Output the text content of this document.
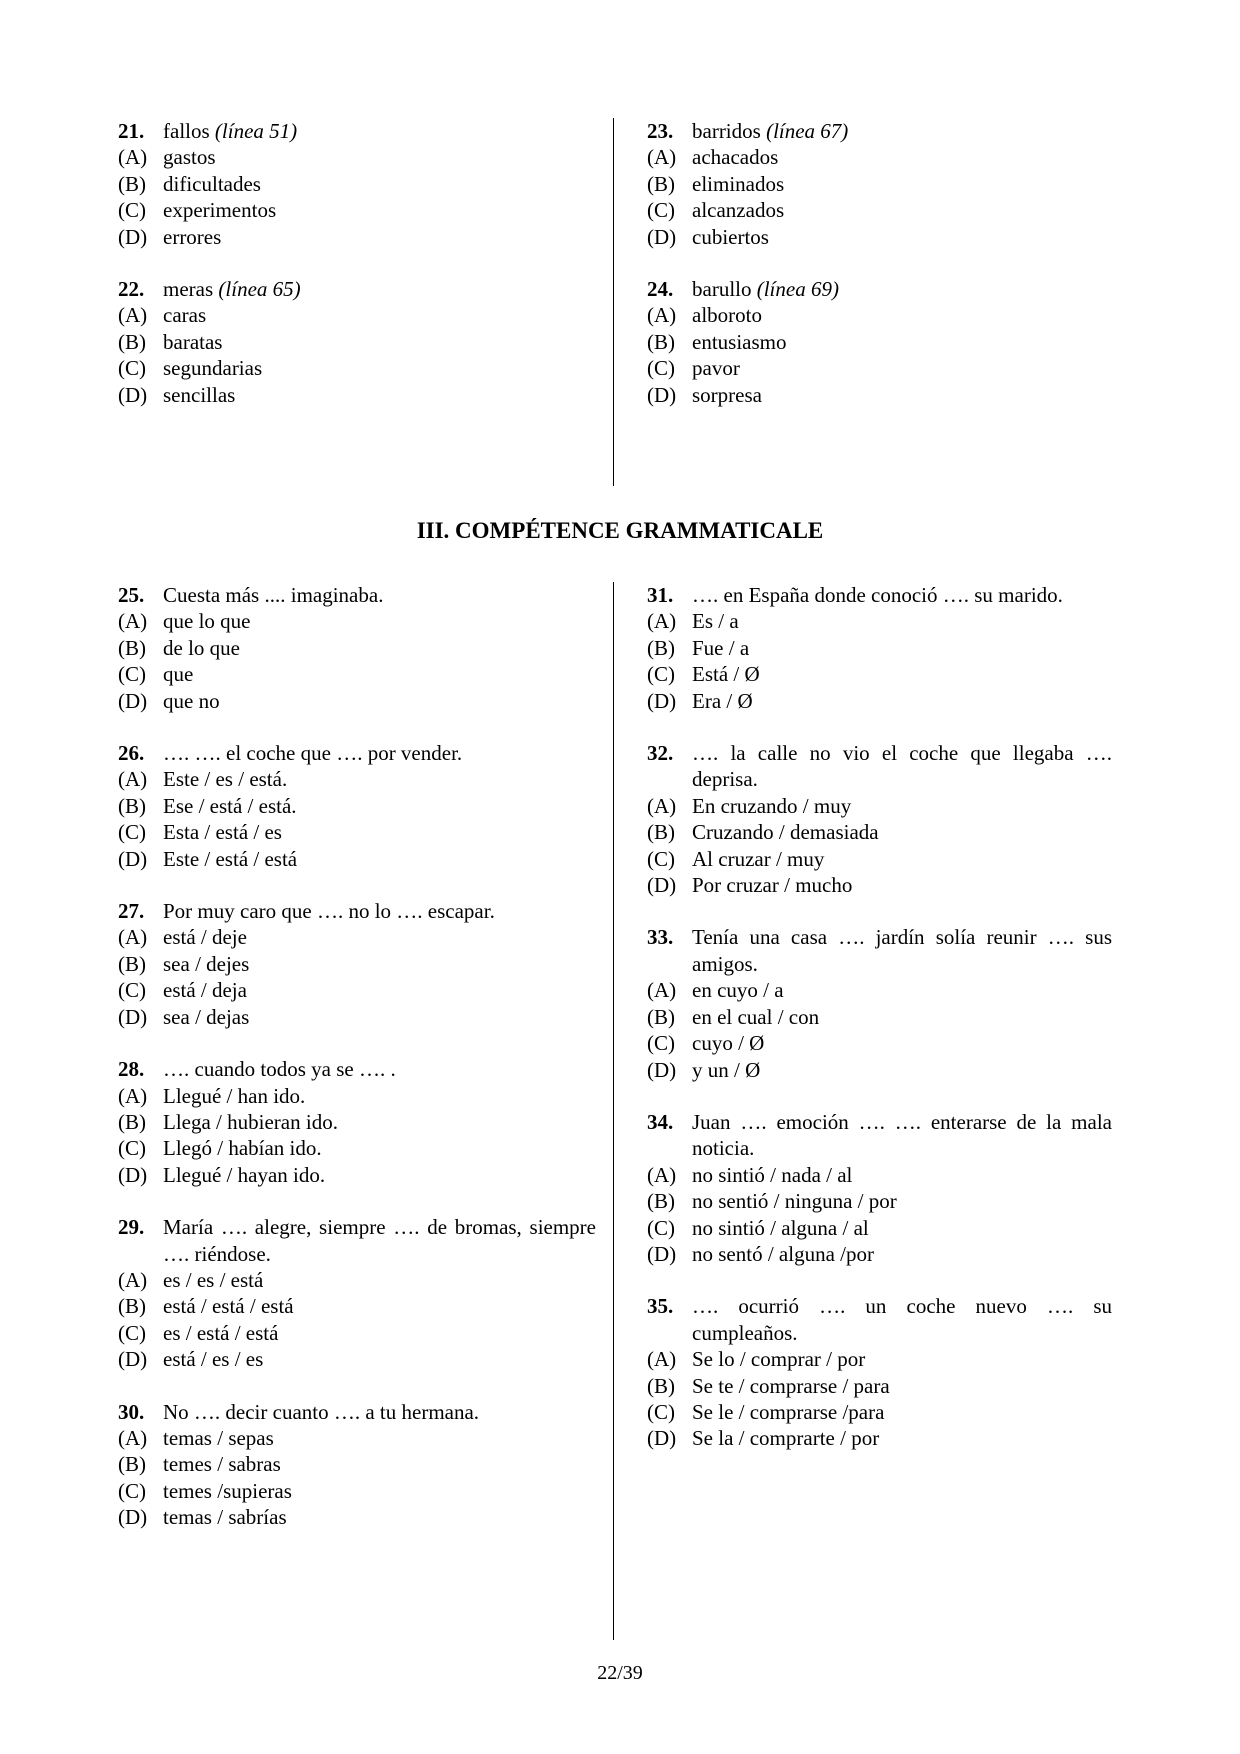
21. fallos (línea 51)
(A) gastos
(B) dificultades
(C) experimentos
(D) errores
22. meras (línea 65)
(A) caras
(B) baratas
(C) segundarias
(D) sencillas
23. barridos (línea 67)
(A) achacados
(B) eliminados
(C) alcanzados
(D) cubiertos
24. barullo (línea 69)
(A) alboroto
(B) entusiasmo
(C) pavor
(D) sorpresa
III. COMPÉTENCE GRAMMATICALE
25. Cuesta más .... imaginaba.
(A) que lo que
(B) de lo que
(C) que
(D) que no
26. …. …. el coche que …. por vender.
(A) Este / es / está.
(B) Ese / está / está.
(C) Esta / está / es
(D) Este / está / está
27. Por muy caro que …. no lo …. escapar.
(A) está / deje
(B) sea / dejes
(C) está / deja
(D) sea / dejas
28. …. cuando todos ya se …. .
(A) Llegué / han ido.
(B) Llega / hubieran ido.
(C) Llegó / habían ido.
(D) Llegué / hayan ido.
29. María …. alegre, siempre …. de bromas, siempre …. riéndose.
(A) es / es / está
(B) está / está / está
(C) es / está / está
(D) está / es / es
30. No …. decir cuanto …. a tu hermana.
(A) temas / sepas
(B) temes / sabras
(C) temes /supieras
(D) temas / sabrías
31. …. en España donde conoció …. su marido.
(A) Es / a
(B) Fue / a
(C) Está / Ø
(D) Era / Ø
32. …. la calle no vio el coche que llegaba …. deprisa.
(A) En cruzando / muy
(B) Cruzando / demasiada
(C) Al cruzar / muy
(D) Por cruzar / mucho
33. Tenía una casa …. jardín solía reunir …. sus amigos.
(A) en cuyo / a
(B) en el cual / con
(C) cuyo / Ø
(D) y un / Ø
34. Juan …. emoción …. …. enterarse de la mala noticia.
(A) no sintió / nada / al
(B) no sentió / ninguna / por
(C) no sintió / alguna / al
(D) no sentó / alguna /por
35. …. ocurrió …. un coche nuevo …. su cumpleaños.
(A) Se lo / comprar / por
(B) Se te / comprarse / para
(C) Se le / comprarse /para
(D) Se la / comprarte / por
22/39
